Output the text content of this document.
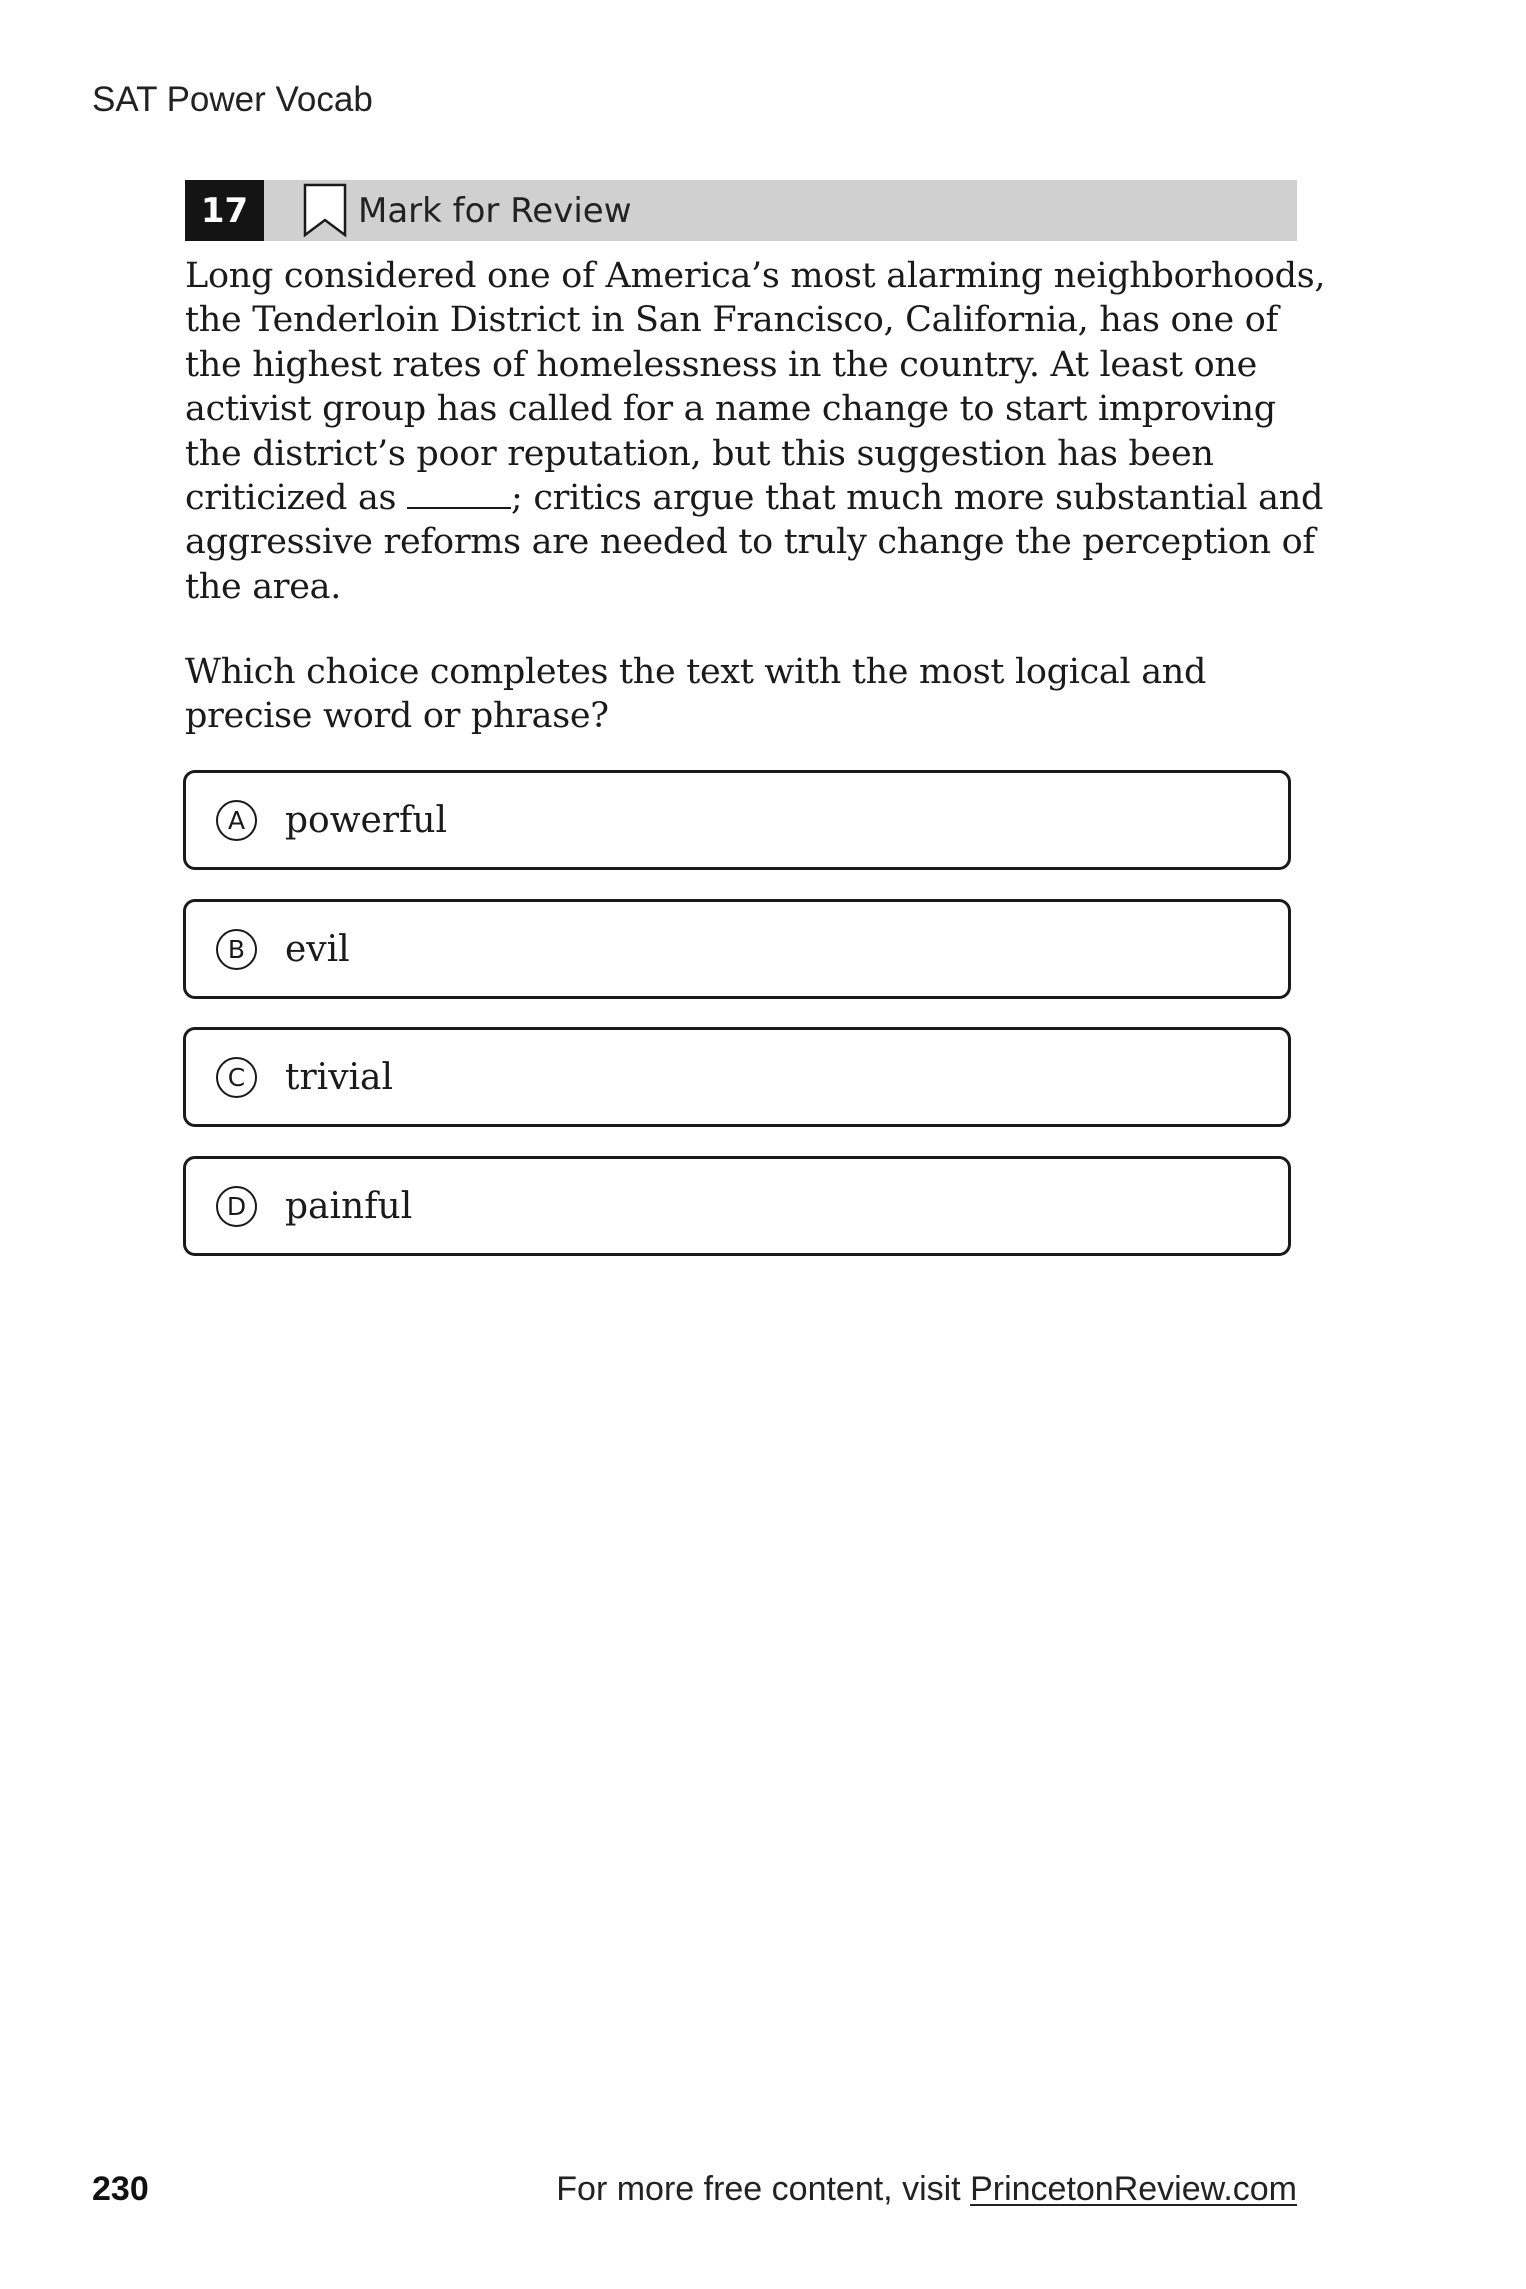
SAT Power Vocab
17	Mark for Review
Long considered one of America’s most alarming neighborhoods,
the Tenderloin District in San Francisco, California, has one of
the highest rates of homelessness in the country. At least one
activist group has called for a name change to start improving
the district’s poor reputation, but this suggestion has been
criticized as	; critics argue that much more substantial and
aggressive reforms are needed to truly change the perception of
the area.
Which choice completes the text with the most logical and
precise word or phrase?
A	powerful
B	evil
C	trivial
D	painful
230	For more free content, visit PrincetonReview.com
